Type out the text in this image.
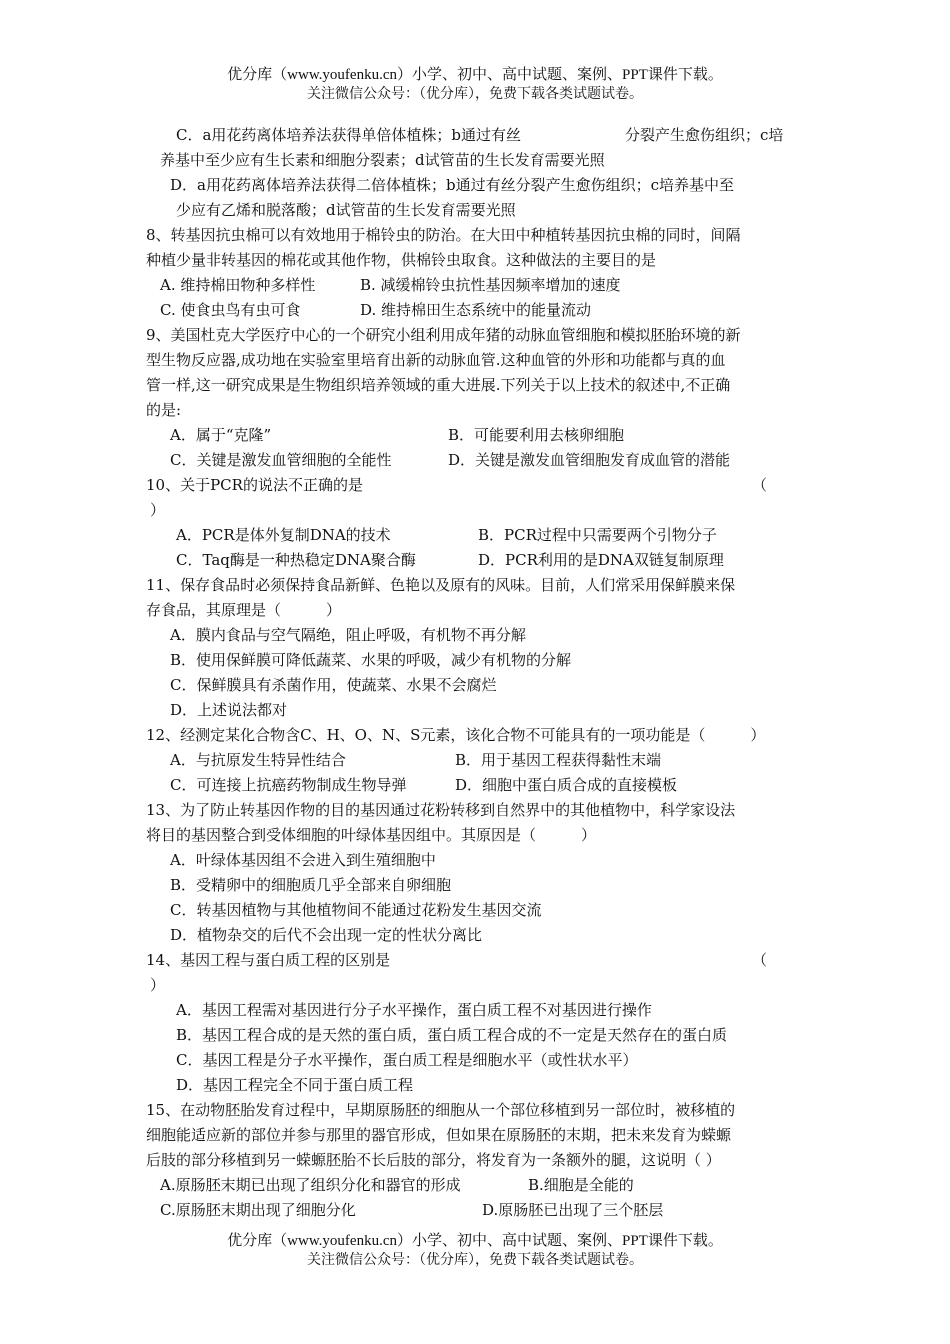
优分库（www.youfenku.cn）小学、初中、高中试题、案例、PPT课件下载。
关注微信公众号：（优分库），免费下载各类试题试卷。
C．a用花药离体培养法获得单倍体植株；b通过有丝	分裂产生愈伤组织；c培
养基中至少应有生长素和细胞分裂素；d试管苗的生长发育需要光照
D．a用花药离体培养法获得二倍体植株；b通过有丝分裂产生愈伤组织；c培养基中至
少应有乙烯和脱落酸；d试管苗的生长发育需要光照
8、转基因抗虫棉可以有效地用于棉铃虫的防治。在大田中种植转基因抗虫棉的同时，间隔
种植少量非转基因的棉花或其他作物，供棉铃虫取食。这种做法的主要目的是
A. 维持棉田物种多样性	B. 减缓棉铃虫抗性基因频率增加的速度
C. 使食虫鸟有虫可食	D. 维持棉田生态系统中的能量流动
9、美国杜克大学医疗中心的一个研究小组利用成年猪的动脉血管细胞和模拟胚胎环境的新
型生物反应器,成功地在实验室里培育出新的动脉血管.这种血管的外形和功能都与真的血
管一样,这一研究成果是生物组织培养领域的重大进展.下列关于以上技术的叙述中,不正确
的是:
A．属于“克隆”	B．可能要利用去核卵细胞
C．关键是激发血管细胞的全能性	D．关键是激发血管细胞发育成血管的潜能
10、关于PCR的说法不正确的是	（
）
A．PCR是体外复制DNA的技术	B．PCR过程中只需要两个引物分子
C．Taq酶是一种热稳定DNA聚合酶	D．PCR利用的是DNA双链复制原理
11、保存食品时必须保持食品新鲜、色艳以及原有的风味。目前，人们常采用保鲜膜来保
存食品，其原理是（　　　）
A．膜内食品与空气隔绝，阻止呼吸，有机物不再分解
B．使用保鲜膜可降低蔬菜、水果的呼吸，减少有机物的分解
C．保鲜膜具有杀菌作用，使蔬菜、水果不会腐烂
D．上述说法都对
12、经测定某化合物含C、H、O、N、S元素，该化合物不可能具有的一项功能是（　　　）
A．与抗原发生特异性结合	B．用于基因工程获得黏性末端
C．可连接上抗癌药物制成生物导弹	D．细胞中蛋白质合成的直接模板
13、为了防止转基因作物的目的基因通过花粉转移到自然界中的其他植物中，科学家设法
将目的基因整合到受体细胞的叶绿体基因组中。其原因是（　　　）
A．叶绿体基因组不会进入到生殖细胞中
B．受精卵中的细胞质几乎全部来自卵细胞
C．转基因植物与其他植物间不能通过花粉发生基因交流
D．植物杂交的后代不会出现一定的性状分离比
14、基因工程与蛋白质工程的区别是	（
）
A．基因工程需对基因进行分子水平操作，蛋白质工程不对基因进行操作
B．基因工程合成的是天然的蛋白质，蛋白质工程合成的不一定是天然存在的蛋白质
C．基因工程是分子水平操作，蛋白质工程是细胞水平（或性状水平）
D．基因工程完全不同于蛋白质工程
15、在动物胚胎发育过程中，早期原肠胚的细胞从一个部位移植到另一部位时，被移植的
细胞能适应新的部位并参与那里的器官形成，但如果在原肠胚的末期，把未来发育为蝾螈
后肢的部分移植到另一蝾螈胚胎不长后肢的部分，将发育为一条额外的腿，这说明（ ）
A.原肠胚末期已出现了组织分化和器官的形成	B.细胞是全能的
C.原肠胚末期出现了细胞分化	D.原肠胚已出现了三个胚层
优分库（www.youfenku.cn）小学、初中、高中试题、案例、PPT课件下载。
关注微信公众号：（优分库），免费下载各类试题试卷。
